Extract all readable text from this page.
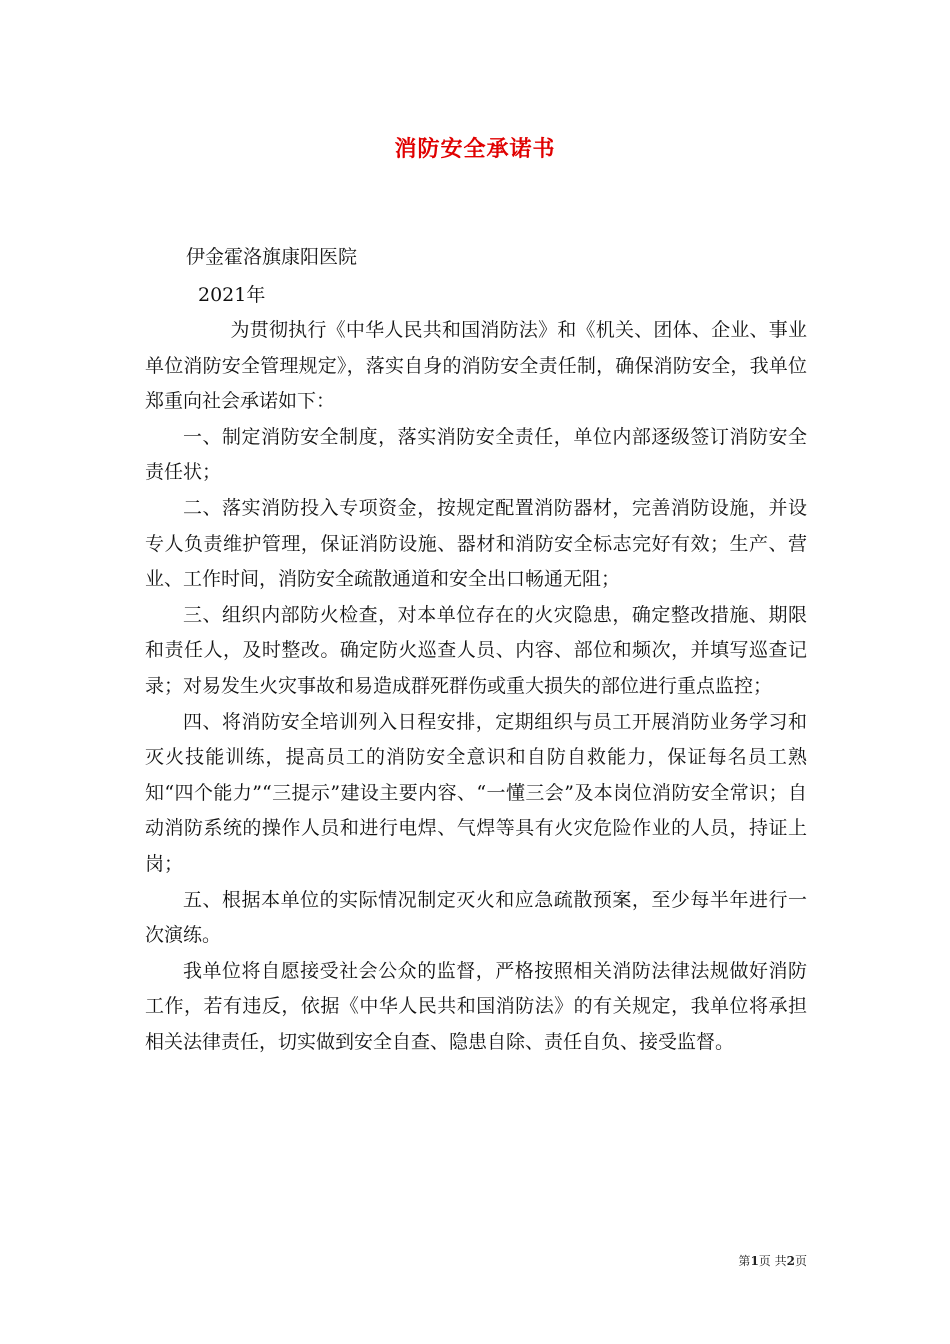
消防安全承诺书
伊金霍洛旗康阳医院
2021年

为贯彻执行《中华人民共和国消防法》和《机关、团体、企业、事业单位消防安全管理规定》，落实自身的消防安全责任制，确保消防安全，我单位郑重向社会承诺如下：

一、制定消防安全制度，落实消防安全责任，单位内部逐级签订消防安全责任状；

二、落实消防投入专项资金，按规定配置消防器材，完善消防设施，并设专人负责维护管理，保证消防设施、器材和消防安全标志完好有效；生产、营业、工作时间，消防安全疏散通道和安全出口畅通无阻；

三、组织内部防火检查，对本单位存在的火灾隐患，确定整改措施、期限和责任人，及时整改。确定防火巡查人员、内容、部位和频次，并填写巡查记录；对易发生火灾事故和易造成群死群伤或重大损失的部位进行重点监控；

四、将消防安全培训列入日程安排，定期组织与员工开展消防业务学习和灭火技能训练，提高员工的消防安全意识和自防自救能力，保证每名员工熟知“四个能力”“三提示”建设主要内容、“一懂三会”及本岗位消防安全常识；自动消防系统的操作人员和进行电焊、气焊等具有火灾危险作业的人员，持证上岗；

五、根据本单位的实际情况制定灭火和应急疏散预案，至少每半年进行一次演练。

我单位将自愿接受社会公众的监督，严格按照相关消防法律法规做好消防工作，若有违反，依据《中华人民共和国消防法》的有关规定，我单位将承担相关法律责任，切实做到安全自查、隐患自除、责任自负、接受监督。

第1页 共2页
